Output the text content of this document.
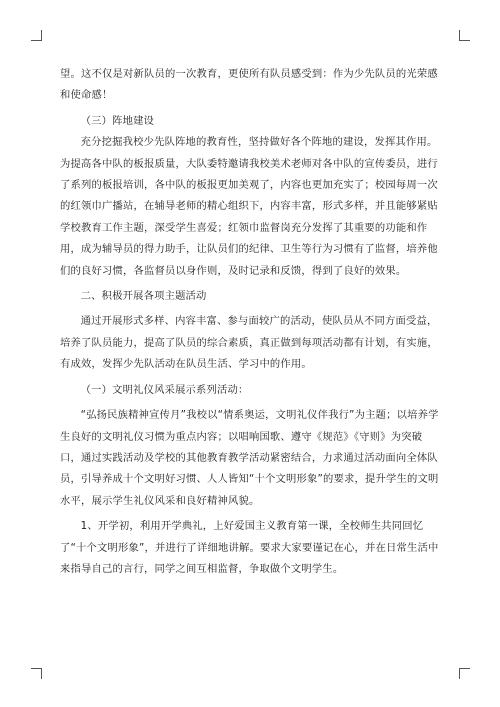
望。这不仅是对新队员的一次教育，更使所有队员感受到：作为少先队员的光荣感和使命感！

（三）阵地建设

充分挖掘我校少先队阵地的教育性，坚持做好各个阵地的建设，发挥其作用。为提高各中队的板报质量，大队委特邀请我校美术老师对各中队的宣传委员，进行了系列的板报培训，各中队的板报更加美观了，内容也更加充实了；校园每周一次的红领巾广播站，在辅导老师的精心组织下，内容丰富，形式多样，并且能够紧贴学校教育工作主题，深受学生喜爱；红领巾监督岗充分发挥了其重要的功能和作用，成为辅导员的得力助手，让队员们的纪律、卫生等行为习惯有了监督，培养他们的良好习惯，各监督员以身作则，及时记录和反馈，得到了良好的效果。

二、积极开展各项主题活动

通过开展形式多样、内容丰富、参与面较广的活动，使队员从不同方面受益，培养了队员能力，提高了队员的综合素质，真正做到每项活动都有计划，有实施，有成效，发挥少先队活动在队员生活、学习中的作用。

（一）文明礼仪风采展示系列活动：

“弘扬民族精神宣传月”我校以“情系奥运，文明礼仪伴我行”为主题；以培养学生良好的文明礼仪习惯为重点内容；以唱响国歌、遵守《规范》《守则》为突破口，通过实践活动及学校的其他教育教学活动紧密结合，力求通过活动面向全体队员，引导养成十个文明好习惯、人人皆知“十个文明形象”的要求，提升学生的文明水平，展示学生礼仪风采和良好精神风貌。

1、开学初，利用开学典礼，上好爱国主义教育第一课，全校师生共同回忆了“十个文明形象”，并进行了详细地讲解。要求大家要谨记在心，并在日常生活中来指导自己的言行，同学之间互相监督，争取做个文明学生。
